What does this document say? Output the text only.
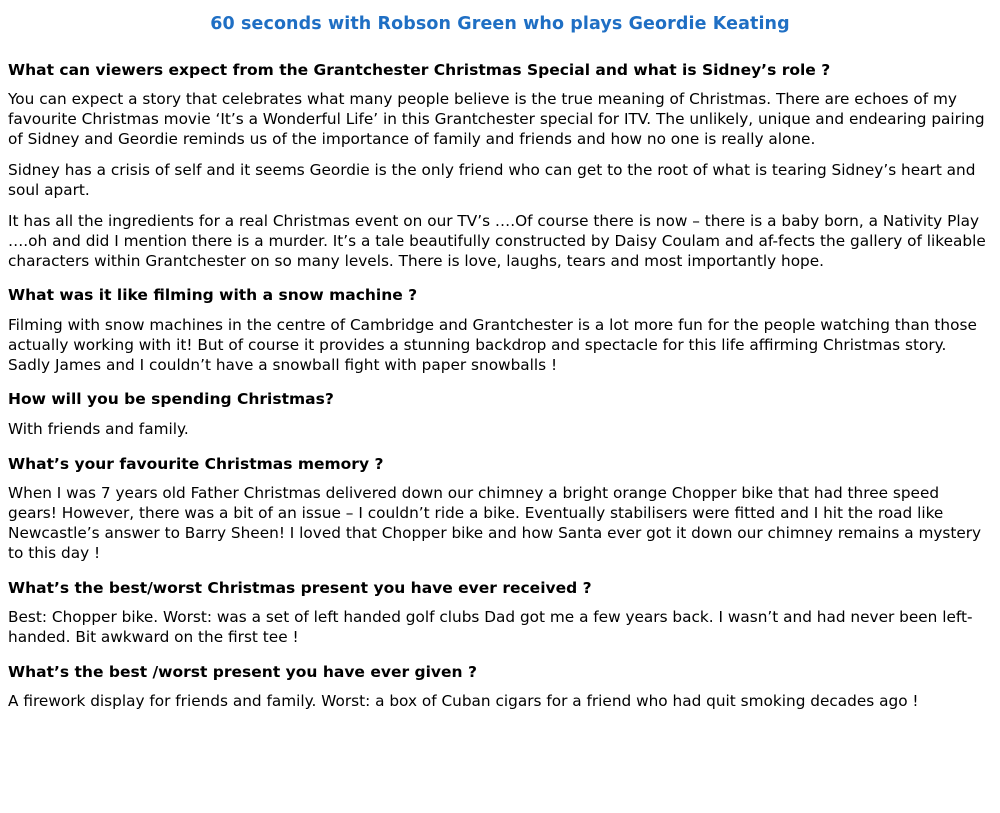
60 seconds with Robson Green who plays Geordie Keating
What can viewers expect from the Grantchester Christmas Special and what is Sidney’s role ?
You can expect a story that celebrates what many people believe is the true meaning of Christmas. There are echoes of my favourite Christmas movie ‘It’s a Wonderful Life’ in this Grantchester special for ITV. The unlikely, unique and endearing pairing of Sidney and Geordie reminds us of the importance of family and friends and how no one is really alone.
Sidney has a crisis of self and it seems Geordie is the only friend who can get to the root of what is tearing Sidney’s heart and soul apart.
It has all the ingredients for a real Christmas event on our TV’s ….Of course there is now – there is a baby born, a Nativity Play ….oh and did I mention there is a murder. It’s a tale beautifully constructed by Daisy Coulam and af-fects the gallery of likeable characters within Grantchester on so many levels. There is love, laughs, tears and most importantly hope.
What was it like filming with a snow machine ?
Filming with snow machines in the centre of Cambridge and Grantchester is a lot more fun for the people watching than those actually working with it! But of course it provides a stunning backdrop and spectacle for this life affirming Christmas story. Sadly James and I couldn’t have a snowball fight with paper snowballs !
How will you be spending Christmas?
With friends and family.
What’s your favourite Christmas memory ?
When I was 7 years old Father Christmas delivered down our chimney a bright orange Chopper bike that had three speed gears! However, there was a bit of an issue – I couldn’t ride a bike. Eventually stabilisers were fitted and I hit the road like Newcastle’s answer to Barry Sheen! I loved that Chopper bike and how Santa ever got it down our chimney remains a mystery to this day !
What’s the best/worst Christmas present you have ever received ?
Best: Chopper bike. Worst: was a set of left handed golf clubs Dad got me a few years back. I wasn’t and had never been left-handed. Bit awkward on the first tee !
What’s the best /worst present you have ever given ?
A firework display for friends and family. Worst: a box of Cuban cigars for a friend who had quit smoking decades ago !
